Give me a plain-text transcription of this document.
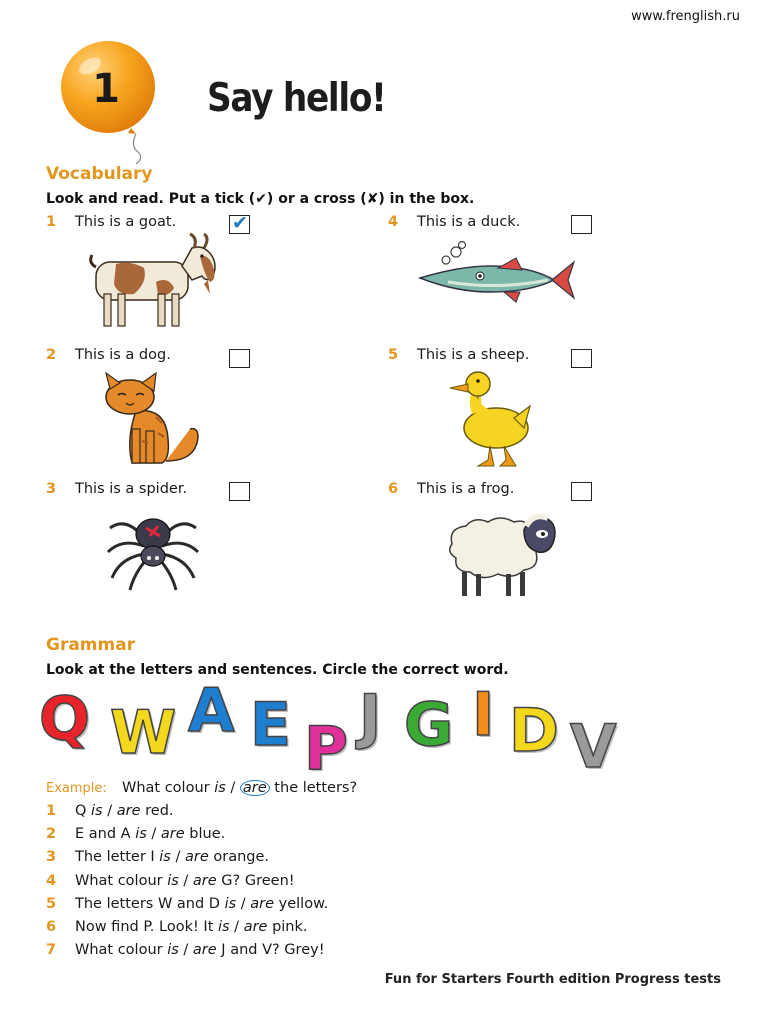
www.frenglish.ru
1 Say hello!
Vocabulary
Look and read. Put a tick (✔) or a cross (✘) in the box.
1 This is a goat.	✔	4 This is a duck.
2 This is a dog.	5 This is a sheep.
3 This is a spider.	6 This is a frog.
Grammar
Look at the letters and sentences. Circle the correct word.
Q W A E P J G I D V
Example: What colour is / are the letters?
1 Q is / are red.
2 E and A is / are blue.
3 The letter I is / are orange.
4 What colour is / are G? Green!
5 The letters W and D is / are yellow.
6 Now find P. Look! It is / are pink.
7 What colour is / are J and V? Grey!
Fun for Starters Fourth edition Progress tests
